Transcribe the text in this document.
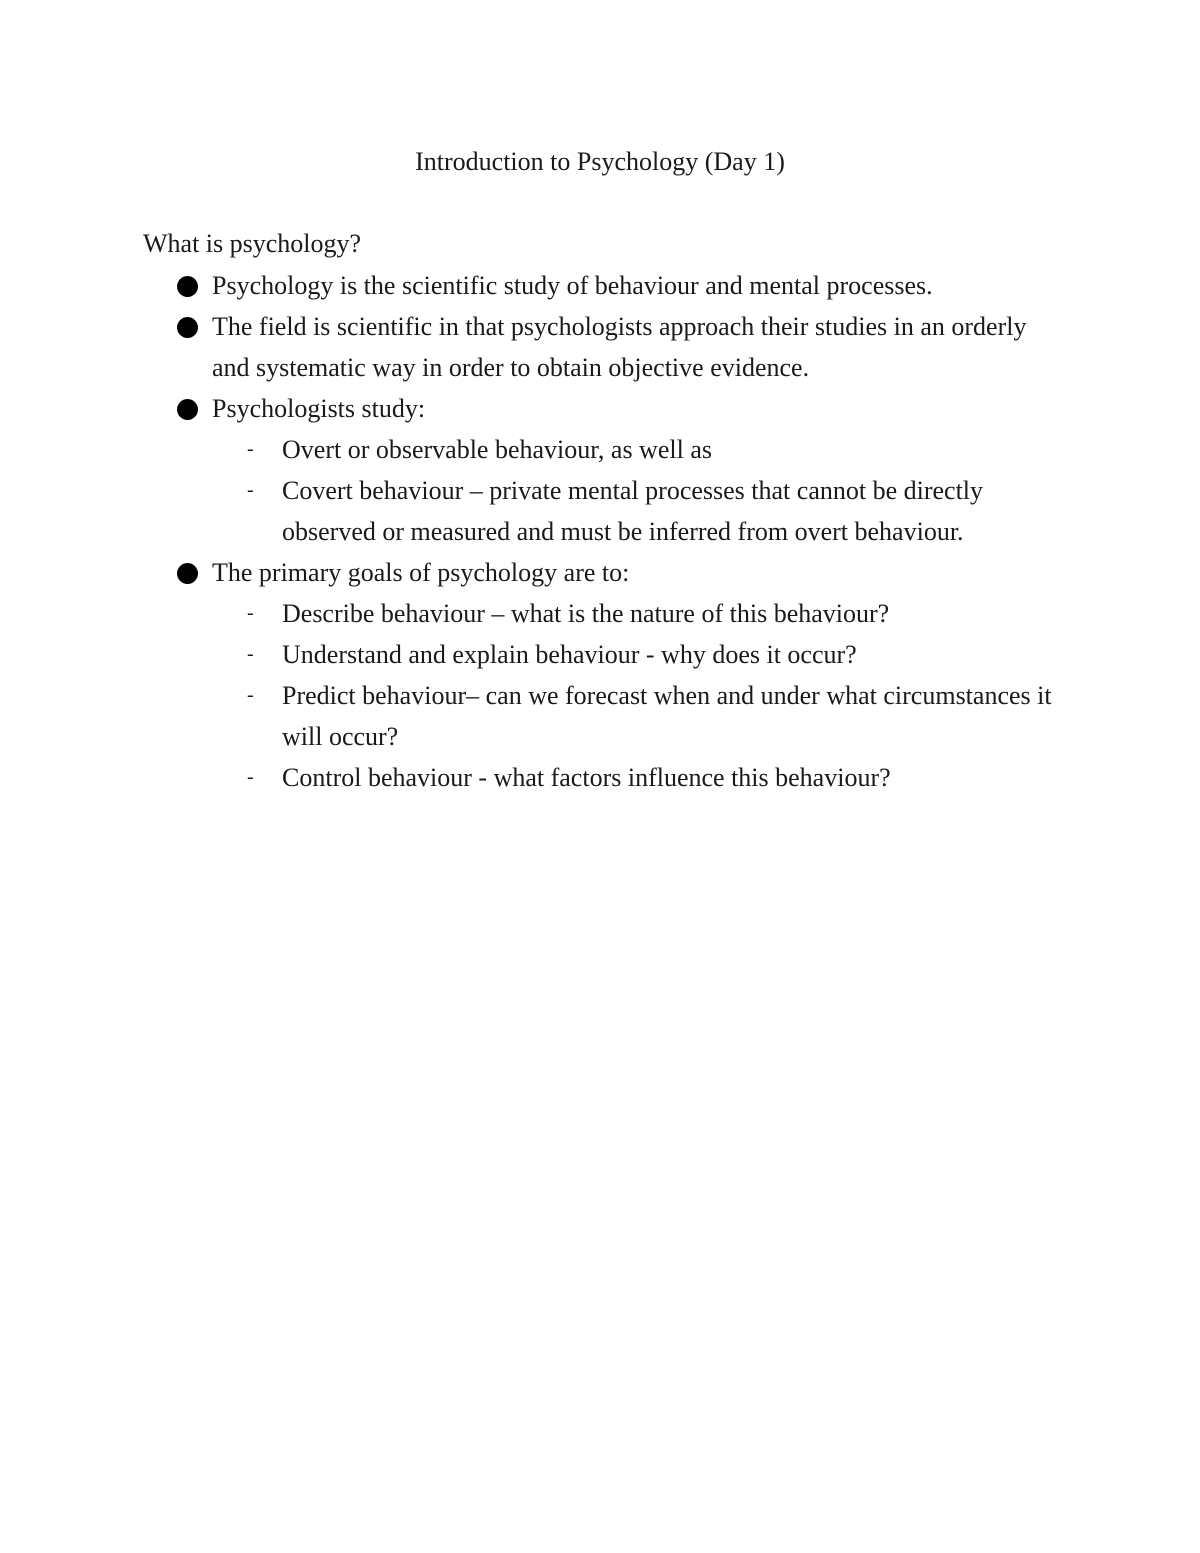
Introduction to Psychology (Day 1)
What is psychology?
Psychology is the scientific study of behaviour and mental processes.
The field is scientific in that psychologists approach their studies in an orderly and systematic way in order to obtain objective evidence.
Psychologists study:
- Overt or observable behaviour, as well as
- Covert behaviour – private mental processes that cannot be directly observed or measured and must be inferred from overt behaviour.
The primary goals of psychology are to:
- Describe behaviour – what is the nature of this behaviour?
- Understand and explain behaviour - why does it occur?
- Predict behaviour– can we forecast when and under what circumstances it will occur?
- Control behaviour - what factors influence this behaviour?
